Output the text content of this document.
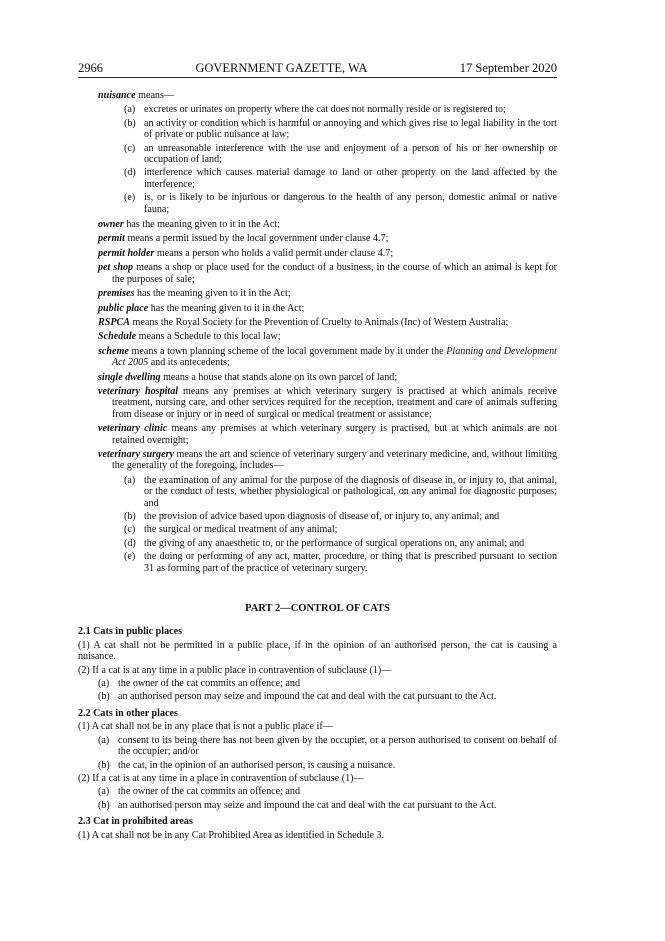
2966	GOVERNMENT GAZETTE, WA	17 September 2020
nuisance means—
(a) excretes or urinates on property where the cat does not normally reside or is registered to;
(b) an activity or condition which is harmful or annoying and which gives rise to legal liability in the tort of private or public nuisance at law;
(c) an unreasonable interference with the use and enjoyment of a person of his or her ownership or occupation of land;
(d) interference which causes material damage to land or other property on the land affected by the interference;
(e) is, or is likely to be injurious or dangerous to the health of any person, domestic animal or native fauna;
owner has the meaning given to it in the Act;
permit means a permit issued by the local government under clause 4.7;
permit holder means a person who holds a valid permit under clause 4.7;
pet shop means a shop or place used for the conduct of a business, in the course of which an animal is kept for the purposes of sale;
premises has the meaning given to it in the Act;
public place has the meaning given to it in the Act;
RSPCA means the Royal Society for the Prevention of Cruelty to Animals (Inc) of Western Australia;
Schedule means a Schedule to this local law;
scheme means a town planning scheme of the local government made by it under the Planning and Development Act 2005 and its antecedents;
single dwelling means a house that stands alone on its own parcel of land;
veterinary hospital means any premises at which veterinary surgery is practised at which animals receive treatment, nursing care, and other services required for the reception, treatment and care of animals suffering from disease or injury or in need of surgical or medical treatment or assistance;
veterinary clinic means any premises at which veterinary surgery is practised, but at which animals are not retained overnight;
veterinary surgery means the art and science of veterinary surgery and veterinary medicine, and, without limiting the generality of the foregoing, includes—
(a) the examination of any animal for the purpose of the diagnosis of disease in, or injury to, that animal, or the conduct of tests, whether physiological or pathological, on any animal for diagnostic purposes; and
(b) the provision of advice based upon diagnosis of disease of, or injury to, any animal; and
(c) the surgical or medical treatment of any animal;
(d) the giving of any anaesthetic to, or the performance of surgical operations on, any animal; and
(e) the doing or performing of any act, matter, procedure, or thing that is prescribed pursuant to section 31 as forming part of the practice of veterinary surgery.
PART 2—CONTROL OF CATS
2.1 Cats in public places
(1) A cat shall not be permitted in a public place, if in the opinion of an authorised person, the cat is causing a nuisance.
(2) If a cat is at any time in a public place in contravention of subclause (1)—
(a) the owner of the cat commits an offence; and
(b) an authorised person may seize and impound the cat and deal with the cat pursuant to the Act.
2.2 Cats in other places
(1) A cat shall not be in any place that is not a public place if—
(a) consent to its being there has not been given by the occupier, or a person authorised to consent on behalf of the occupier; and/or
(b) the cat, in the opinion of an authorised person, is causing a nuisance.
(2) If a cat is at any time in a place in contravention of subclause (1)—
(a) the owner of the cat commits an offence; and
(b) an authorised person may seize and impound the cat and deal with the cat pursuant to the Act.
2.3 Cat in prohibited areas
(1) A cat shall not be in any Cat Prohibited Area as identified in Schedule 3.
